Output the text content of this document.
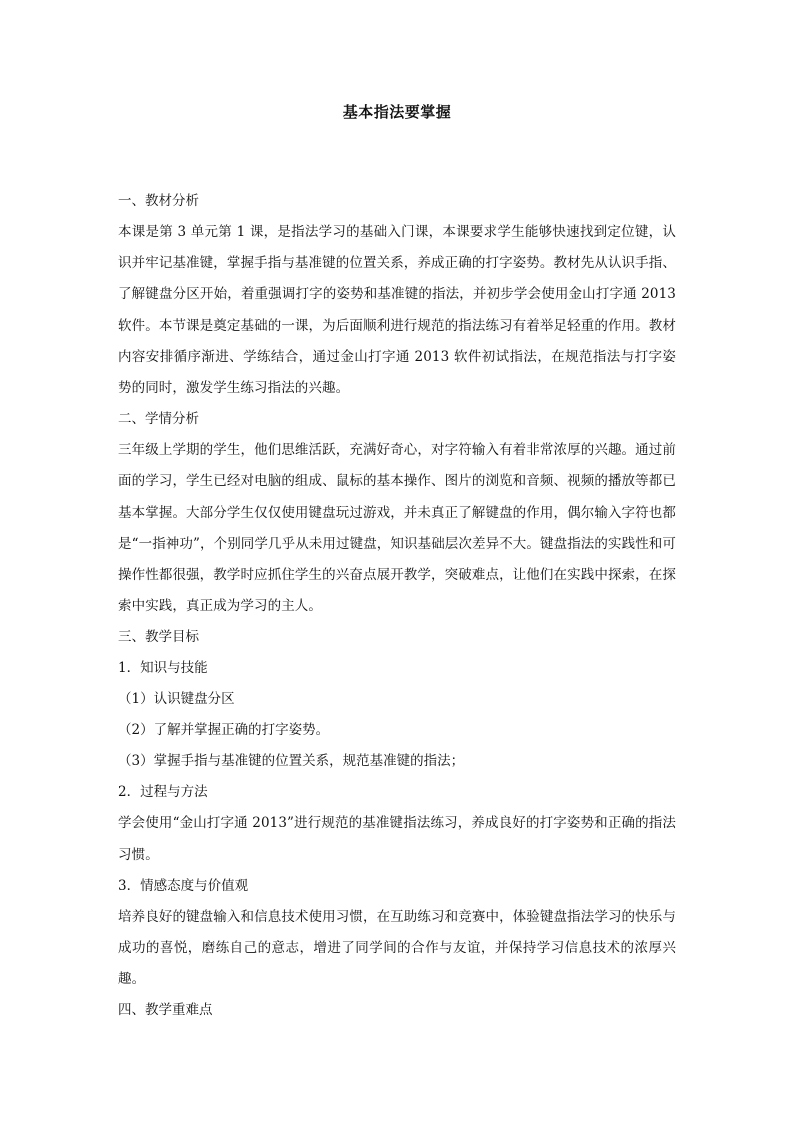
基本指法要掌握
一、教材分析
本课是第 3 单元第 1 课，是指法学习的基础入门课，本课要求学生能够快速找到定位键，认识并牢记基准键，掌握手指与基准键的位置关系，养成正确的打字姿势。教材先从认识手指、了解键盘分区开始，着重强调打字的姿势和基准键的指法，并初步学会使用金山打字通 2013 软件。本节课是奠定基础的一课，为后面顺利进行规范的指法练习有着举足轻重的作用。教材内容安排循序渐进、学练结合，通过金山打字通 2013 软件初试指法，在规范指法与打字姿势的同时，激发学生练习指法的兴趣。
二、学情分析
三年级上学期的学生，他们思维活跃，充满好奇心，对字符输入有着非常浓厚的兴趣。通过前面的学习，学生已经对电脑的组成、鼠标的基本操作、图片的浏览和音频、视频的播放等都已基本掌握。大部分学生仅仅使用键盘玩过游戏，并未真正了解键盘的作用，偶尔输入字符也都是“一指神功”，个别同学几乎从未用过键盘，知识基础层次差异不大。键盘指法的实践性和可操作性都很强，教学时应抓住学生的兴奋点展开教学，突破难点，让他们在实践中探索，在探索中实践，真正成为学习的主人。
三、教学目标
1．知识与技能
（1）认识键盘分区
（2）了解并掌握正确的打字姿势。
（3）掌握手指与基准键的位置关系，规范基准键的指法；
2．过程与方法
学会使用“金山打字通 2013”进行规范的基准键指法练习，养成良好的打字姿势和正确的指法习惯。
3．情感态度与价值观
培养良好的键盘输入和信息技术使用习惯，在互助练习和竞赛中，体验键盘指法学习的快乐与成功的喜悦，磨练自己的意志，增进了同学间的合作与友谊，并保持学习信息技术的浓厚兴趣。
四、教学重难点
